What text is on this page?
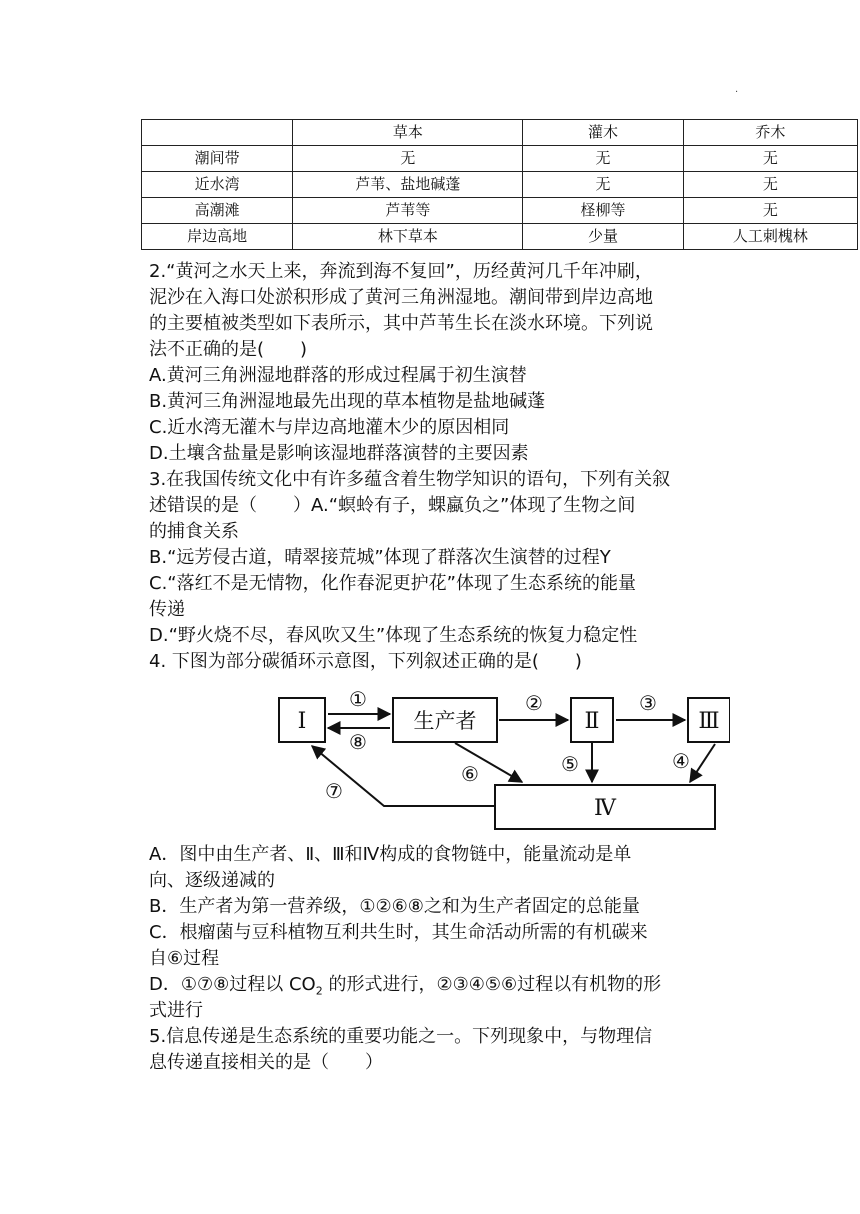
.
	草本	灌木	乔木
潮间带	无	无	无
近水湾	芦苇、盐地碱蓬	无	无
高潮滩	芦苇等	柽柳等	无
岸边高地	林下草本	少量	人工刺槐林

2.“黄河之水天上来，奔流到海不复回”，历经黄河几千年冲刷，

泥沙在入海口处淤积形成了黄河三角洲湿地。潮间带到岸边高地

的主要植被类型如下表所示，其中芦苇生长在淡水环境。下列说

法不正确的是(　　)

A.黄河三角洲湿地群落的形成过程属于初生演替

B.黄河三角洲湿地最先出现的草本植物是盐地碱蓬

C.近水湾无灌木与岸边高地灌木少的原因相同

D.土壤含盐量是影响该湿地群落演替的主要因素

3.在我国传统文化中有许多蕴含着生物学知识的语句，下列有关叙

述错误的是（　　）A.“螟蛉有子，蜾蠃负之”体现了生物之间

的捕食关系

B.“远芳侵古道，晴翠接荒城”体现了群落次生演替的过程Y

C.“落红不是无情物，化作春泥更护花”体现了生态系统的能量

传递

D.“野火烧不尽，春风吹又生”体现了生态系统的恢复力稳定性

4. 下图为部分碳循环示意图，下列叙述正确的是(　　)

Ⅰ	Ⅱ	Ⅲ
Ⅳ
生产者
①
⑧
②	③
⑤	④
⑥
⑦

A．图中由生产者、Ⅱ、Ⅲ和Ⅳ构成的食物链中，能量流动是单

向、逐级递减的

B．生产者为第一营养级，①②⑥⑧之和为生产者固定的总能量

C．根瘤菌与豆科植物互利共生时，其生命活动所需的有机碳来

自⑥过程

D．①⑦⑧过程以 $CO_2$ 的形式进行，②③④⑤⑥过程以有机物的形

式进行

5.信息传递是生态系统的重要功能之一。下列现象中，与物理信

息传递直接相关的是（　　）
